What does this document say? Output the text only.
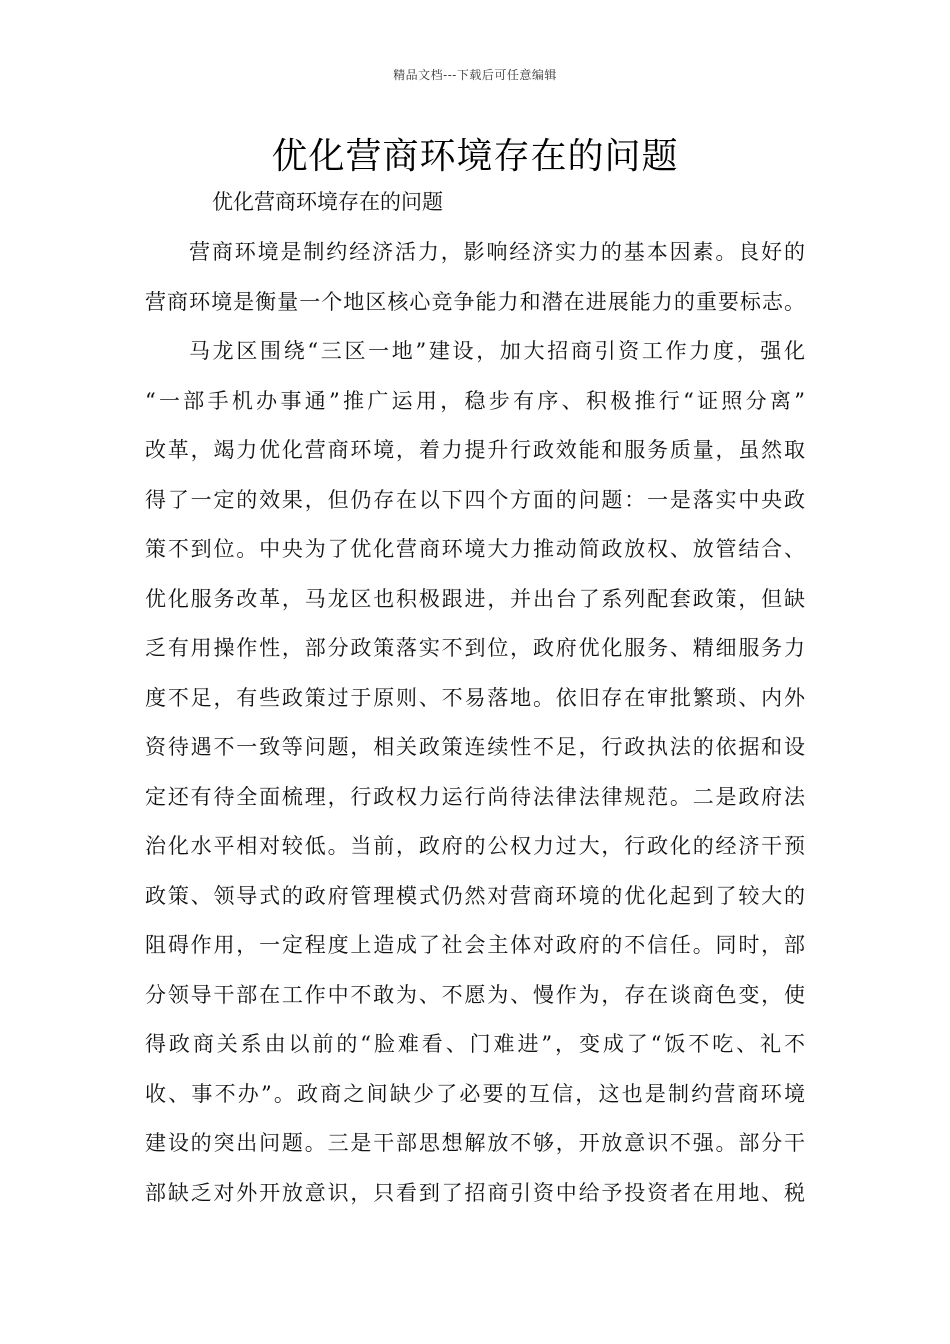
精品文档---下载后可任意编辑
优化营商环境存在的问题
优化营商环境存在的问题
营商环境是制约经济活力，影响经济实力的基本因素。良好的
营商环境是衡量一个地区核心竞争能力和潜在进展能力的重要标志。
马龙区围绕“三区一地”建设，加大招商引资工作力度，强化
“一部手机办事通”推广运用，稳步有序、积极推行“证照分离”
改革，竭力优化营商环境，着力提升行政效能和服务质量，虽然取
得了一定的效果，但仍存在以下四个方面的问题：一是落实中央政
策不到位。中央为了优化营商环境大力推动简政放权、放管结合、
优化服务改革，马龙区也积极跟进，并出台了系列配套政策，但缺
乏有用操作性，部分政策落实不到位，政府优化服务、精细服务力
度不足，有些政策过于原则、不易落地。依旧存在审批繁琐、内外
资待遇不一致等问题，相关政策连续性不足，行政执法的依据和设
定还有待全面梳理，行政权力运行尚待法律法律规范。二是政府法
治化水平相对较低。当前，政府的公权力过大，行政化的经济干预
政策、领导式的政府管理模式仍然对营商环境的优化起到了较大的
阻碍作用，一定程度上造成了社会主体对政府的不信任。同时，部
分领导干部在工作中不敢为、不愿为、慢作为，存在谈商色变，使
得政商关系由以前的“脸难看、门难进”，变成了“饭不吃、礼不
收、事不办”。政商之间缺少了必要的互信，这也是制约营商环境
建设的突出问题。三是干部思想解放不够，开放意识不强。部分干
部缺乏对外开放意识，只看到了招商引资中给予投资者在用地、税
